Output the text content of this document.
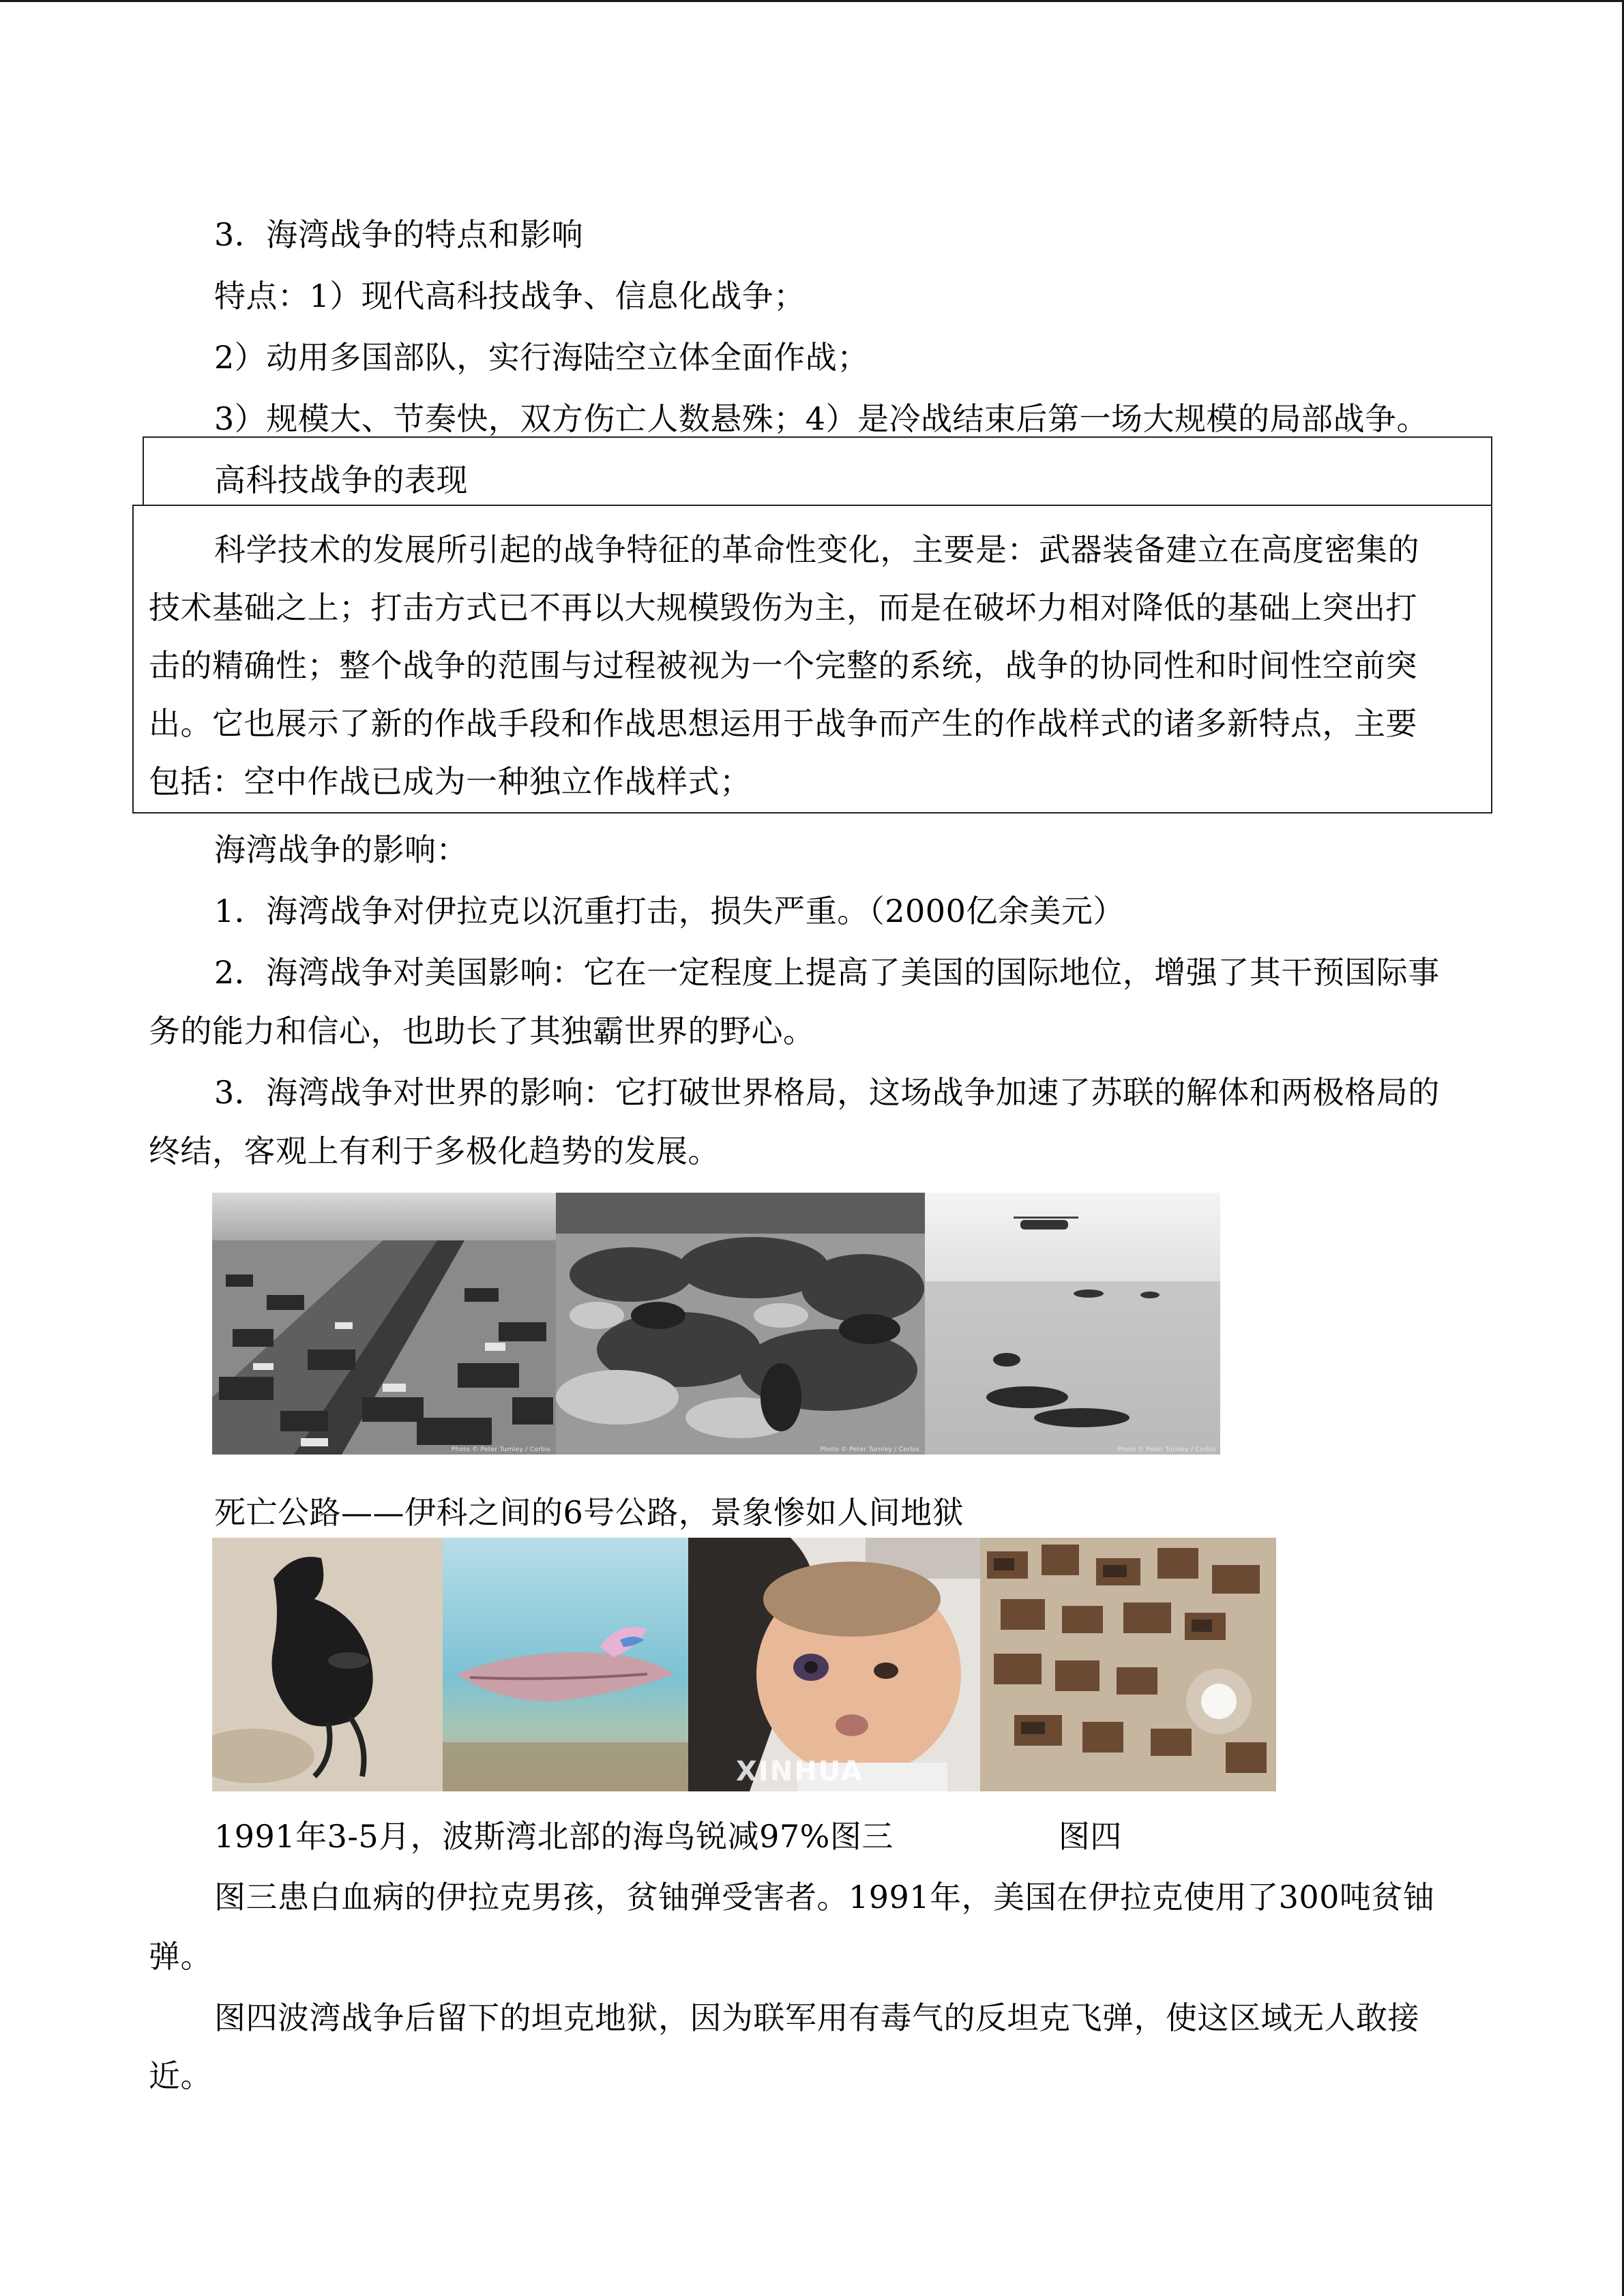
3．海湾战争的特点和影响

特点：1）现代高科技战争、信息化战争；

2）动用多国部队，实行海陆空立体全面作战；

3）规模大、节奏快，双方伤亡人数悬殊；4）是冷战结束后第一场大规模的局部战争。

高科技战争的表现

科学技术的发展所引起的战争特征的革命性变化，主要是：武器装备建立在高度密集的

技术基础之上；打击方式已不再以大规模毁伤为主，而是在破坏力相对降低的基础上突出打

击的精确性；整个战争的范围与过程被视为一个完整的系统，战争的协同性和时间性空前突

出。它也展示了新的作战手段和作战思想运用于战争而产生的作战样式的诸多新特点，主要

包括：空中作战已成为一种独立作战样式；

海湾战争的影响：

1．海湾战争对伊拉克以沉重打击，损失严重。（2000亿余美元）

2．海湾战争对美国影响：它在一定程度上提高了美国的国际地位，增强了其干预国际事

务的能力和信心，也助长了其独霸世界的野心。

3．海湾战争对世界的影响：它打破世界格局，这场战争加速了苏联的解体和两极格局的

终结，客观上有利于多极化趋势的发展。

Photo © Peter Turnley / Corbis	Photo © Peter Turnley / Corbis	Photo © Peter Turnley / Corbis

死亡公路——伊科之间的6号公路，景象惨如人间地狱

XINHUA

1991年3-5月，波斯湾北部的海鸟锐减97%图三                图四

图三患白血病的伊拉克男孩，贫铀弹受害者。1991年，美国在伊拉克使用了300吨贫铀

弹。

图四波湾战争后留下的坦克地狱，因为联军用有毒气的反坦克飞弹，使这区域无人敢接

近。
